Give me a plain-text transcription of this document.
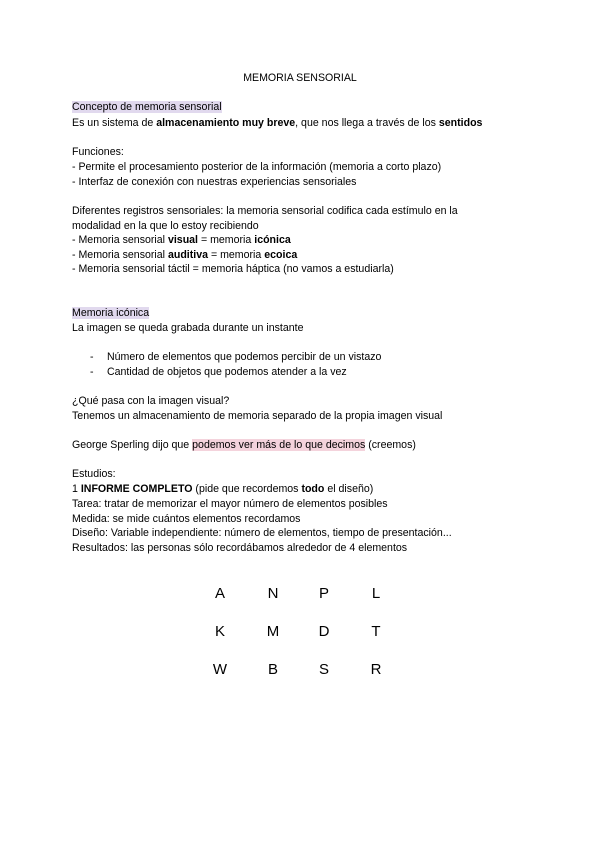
MEMORIA SENSORIAL
Concepto de memoria sensorial
Es un sistema de almacenamiento muy breve, que nos llega a través de los sentidos
Funciones:
- Permite el procesamiento posterior de la información (memoria a corto plazo)
- Interfaz de conexión con nuestras experiencias sensoriales
Diferentes registros sensoriales: la memoria sensorial codifica cada estímulo en la
modalidad en la que lo estoy recibiendo
- Memoria sensorial visual = memoria icónica
- Memoria sensorial auditiva = memoria ecoica
- Memoria sensorial táctil = memoria háptica (no vamos a estudiarla)
Memoria icónica
La imagen se queda grabada durante un instante
- Número de elementos que podemos percibir de un vistazo
- Cantidad de objetos que podemos atender a la vez
¿Qué pasa con la imagen visual?
Tenemos un almacenamiento de memoria separado de la propia imagen visual
George Sperling dijo que podemos ver más de lo que decimos (creemos)
Estudios:
1 INFORME COMPLETO (pide que recordemos todo el diseño)
Tarea: tratar de memorizar el mayor número de elementos posibles
Medida: se mide cuántos elementos recordamos
Diseño: Variable independiente: número de elementos, tiempo de presentación...
Resultados: las personas sólo recordábamos alrededor de 4 elementos
A	N	P	L
K	M	D	T
W	B	S	R
